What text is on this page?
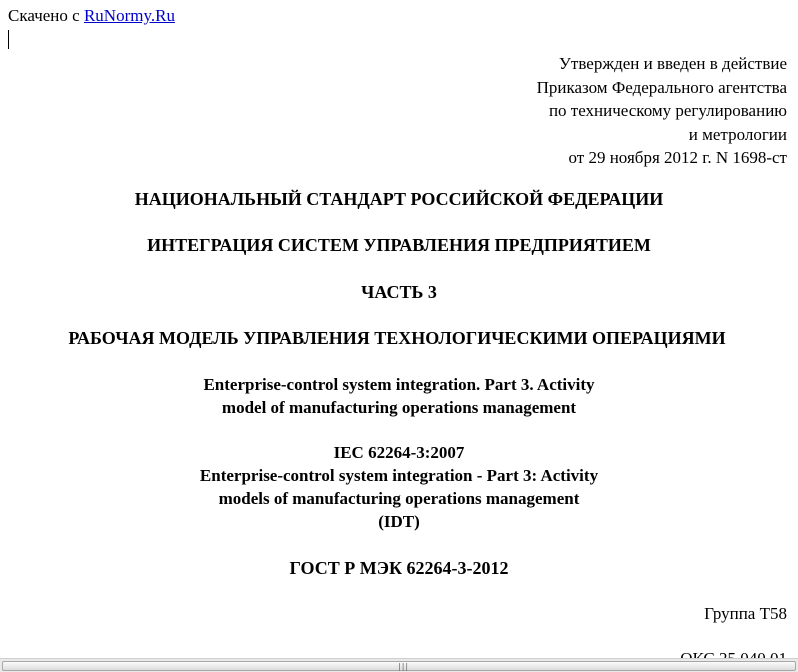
Скачено с RuNormy.Ru
Утвержден и введен в действие
Приказом Федерального агентства
по техническому регулированию
и метрологии
от 29 ноября 2012 г. N 1698-ст
НАЦИОНАЛЬНЫЙ СТАНДАРТ РОССИЙСКОЙ ФЕДЕРАЦИИ
ИНТЕГРАЦИЯ СИСТЕМ УПРАВЛЕНИЯ ПРЕДПРИЯТИЕМ
ЧАСТЬ 3
РАБОЧАЯ МОДЕЛЬ УПРАВЛЕНИЯ ТЕХНОЛОГИЧЕСКИМИ ОПЕРАЦИЯМИ
Enterprise-control system integration. Part 3. Activity
model of manufacturing operations management
IEC 62264-3:2007
Enterprise-control system integration - Part 3: Activity
models of manufacturing operations management
(IDT)
ГОСТ Р МЭК 62264-3-2012
Группа Т58
|||
